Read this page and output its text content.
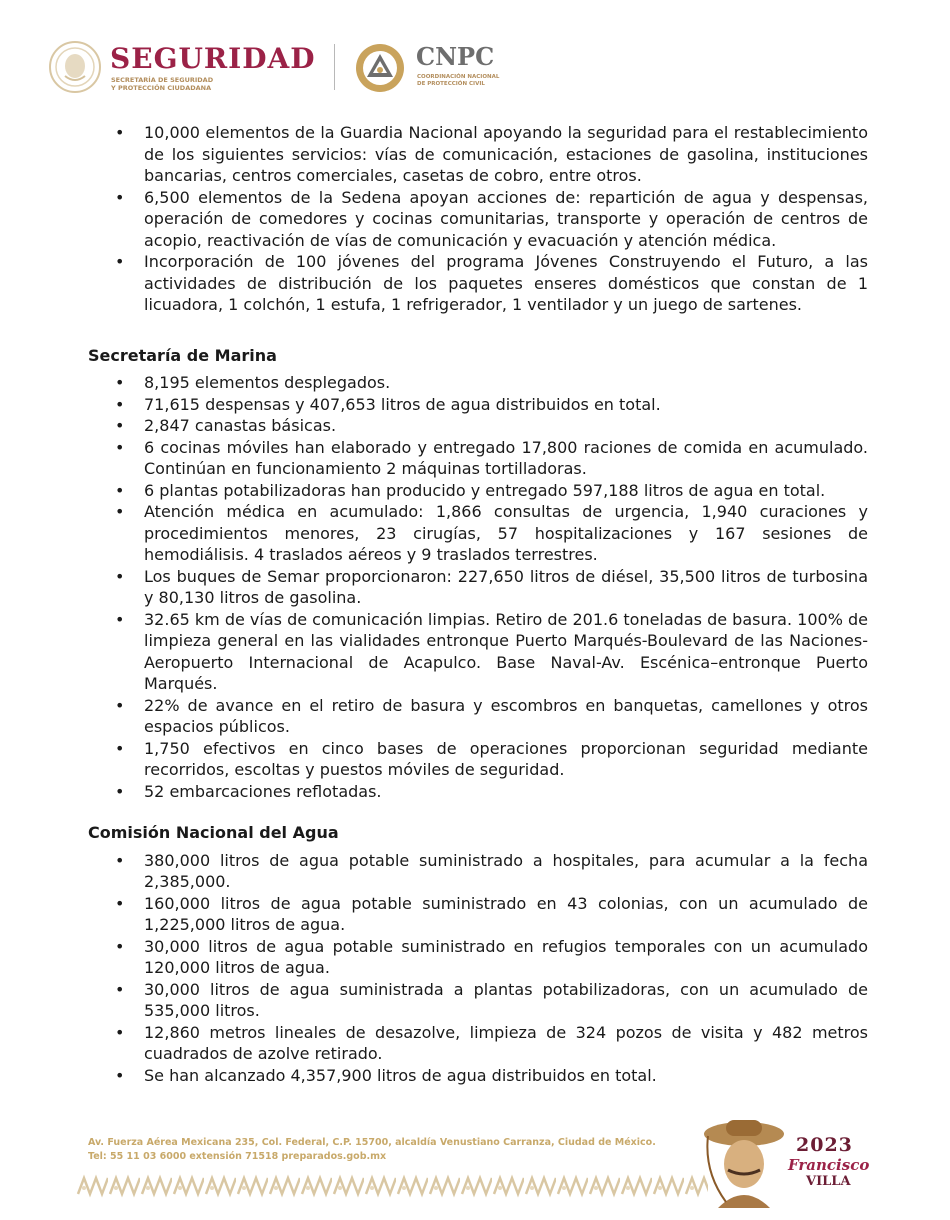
SEGURIDAD
SECRETARÍA DE SEGURIDAD
Y PROTECCIÓN CIUDADANA
CNPC
COORDINACIÓN NACIONAL
DE PROTECCIÓN CIVIL
• 10,000 elementos de la Guardia Nacional apoyando la seguridad para el restablecimiento de los siguientes servicios: vías de comunicación, estaciones de gasolina, instituciones bancarias, centros comerciales, casetas de cobro, entre otros.
• 6,500 elementos de la Sedena apoyan acciones de: repartición de agua y despensas, operación de comedores y cocinas comunitarias, transporte y operación de centros de acopio, reactivación de vías de comunicación y evacuación y atención médica.
• Incorporación de 100 jóvenes del programa Jóvenes Construyendo el Futuro, a las actividades de distribución de los paquetes enseres domésticos que constan de 1 licuadora, 1 colchón, 1 estufa, 1 refrigerador, 1 ventilador y un juego de sartenes.

Secretaría de Marina

• 8,195 elementos desplegados.
• 71,615 despensas y 407,653 litros de agua distribuidos en total.
• 2,847 canastas básicas.
• 6 cocinas móviles han elaborado y entregado 17,800 raciones de comida en acumulado. Continúan en funcionamiento 2 máquinas tortilladoras.
• 6 plantas potabilizadoras han producido y entregado 597,188 litros de agua en total.
• Atención médica en acumulado: 1,866 consultas de urgencia, 1,940 curaciones y procedimientos menores, 23 cirugías, 57 hospitalizaciones y 167 sesiones de hemodiálisis. 4 traslados aéreos y 9 traslados terrestres.
• Los buques de Semar proporcionaron: 227,650 litros de diésel, 35,500 litros de turbosina y 80,130 litros de gasolina.
• 32.65 km de vías de comunicación limpias. Retiro de 201.6 toneladas de basura. 100% de limpieza general en las vialidades entronque Puerto Marqués-Boulevard de las Naciones-Aeropuerto Internacional de Acapulco. Base Naval-Av. Escénica–entronque Puerto Marqués.
• 22% de avance en el retiro de basura y escombros en banquetas, camellones y otros espacios públicos.
• 1,750 efectivos en cinco bases de operaciones proporcionan seguridad mediante recorridos, escoltas y puestos móviles de seguridad.
• 52 embarcaciones reflotadas.

Comisión Nacional del Agua

• 380,000 litros de agua potable suministrado a hospitales, para acumular a la fecha 2,385,000.
• 160,000 litros de agua potable suministrado en 43 colonias, con un acumulado de 1,225,000 litros de agua.
• 30,000 litros de agua potable suministrado en refugios temporales con un acumulado 120,000 litros de agua.
• 30,000 litros de agua suministrada a plantas potabilizadoras, con un acumulado de 535,000 litros.
• 12,860 metros lineales de desazolve, limpieza de 324 pozos de visita y 482 metros cuadrados de azolve retirado.
• Se han alcanzado 4,357,900 litros de agua distribuidos en total.
Av. Fuerza Aérea Mexicana 235, Col. Federal, C.P. 15700, alcaldía Venustiano Carranza, Ciudad de México.
Tel: 55 11 03 6000 extensión 71518 preparados.gob.mx
2023
Francisco
VILLA
